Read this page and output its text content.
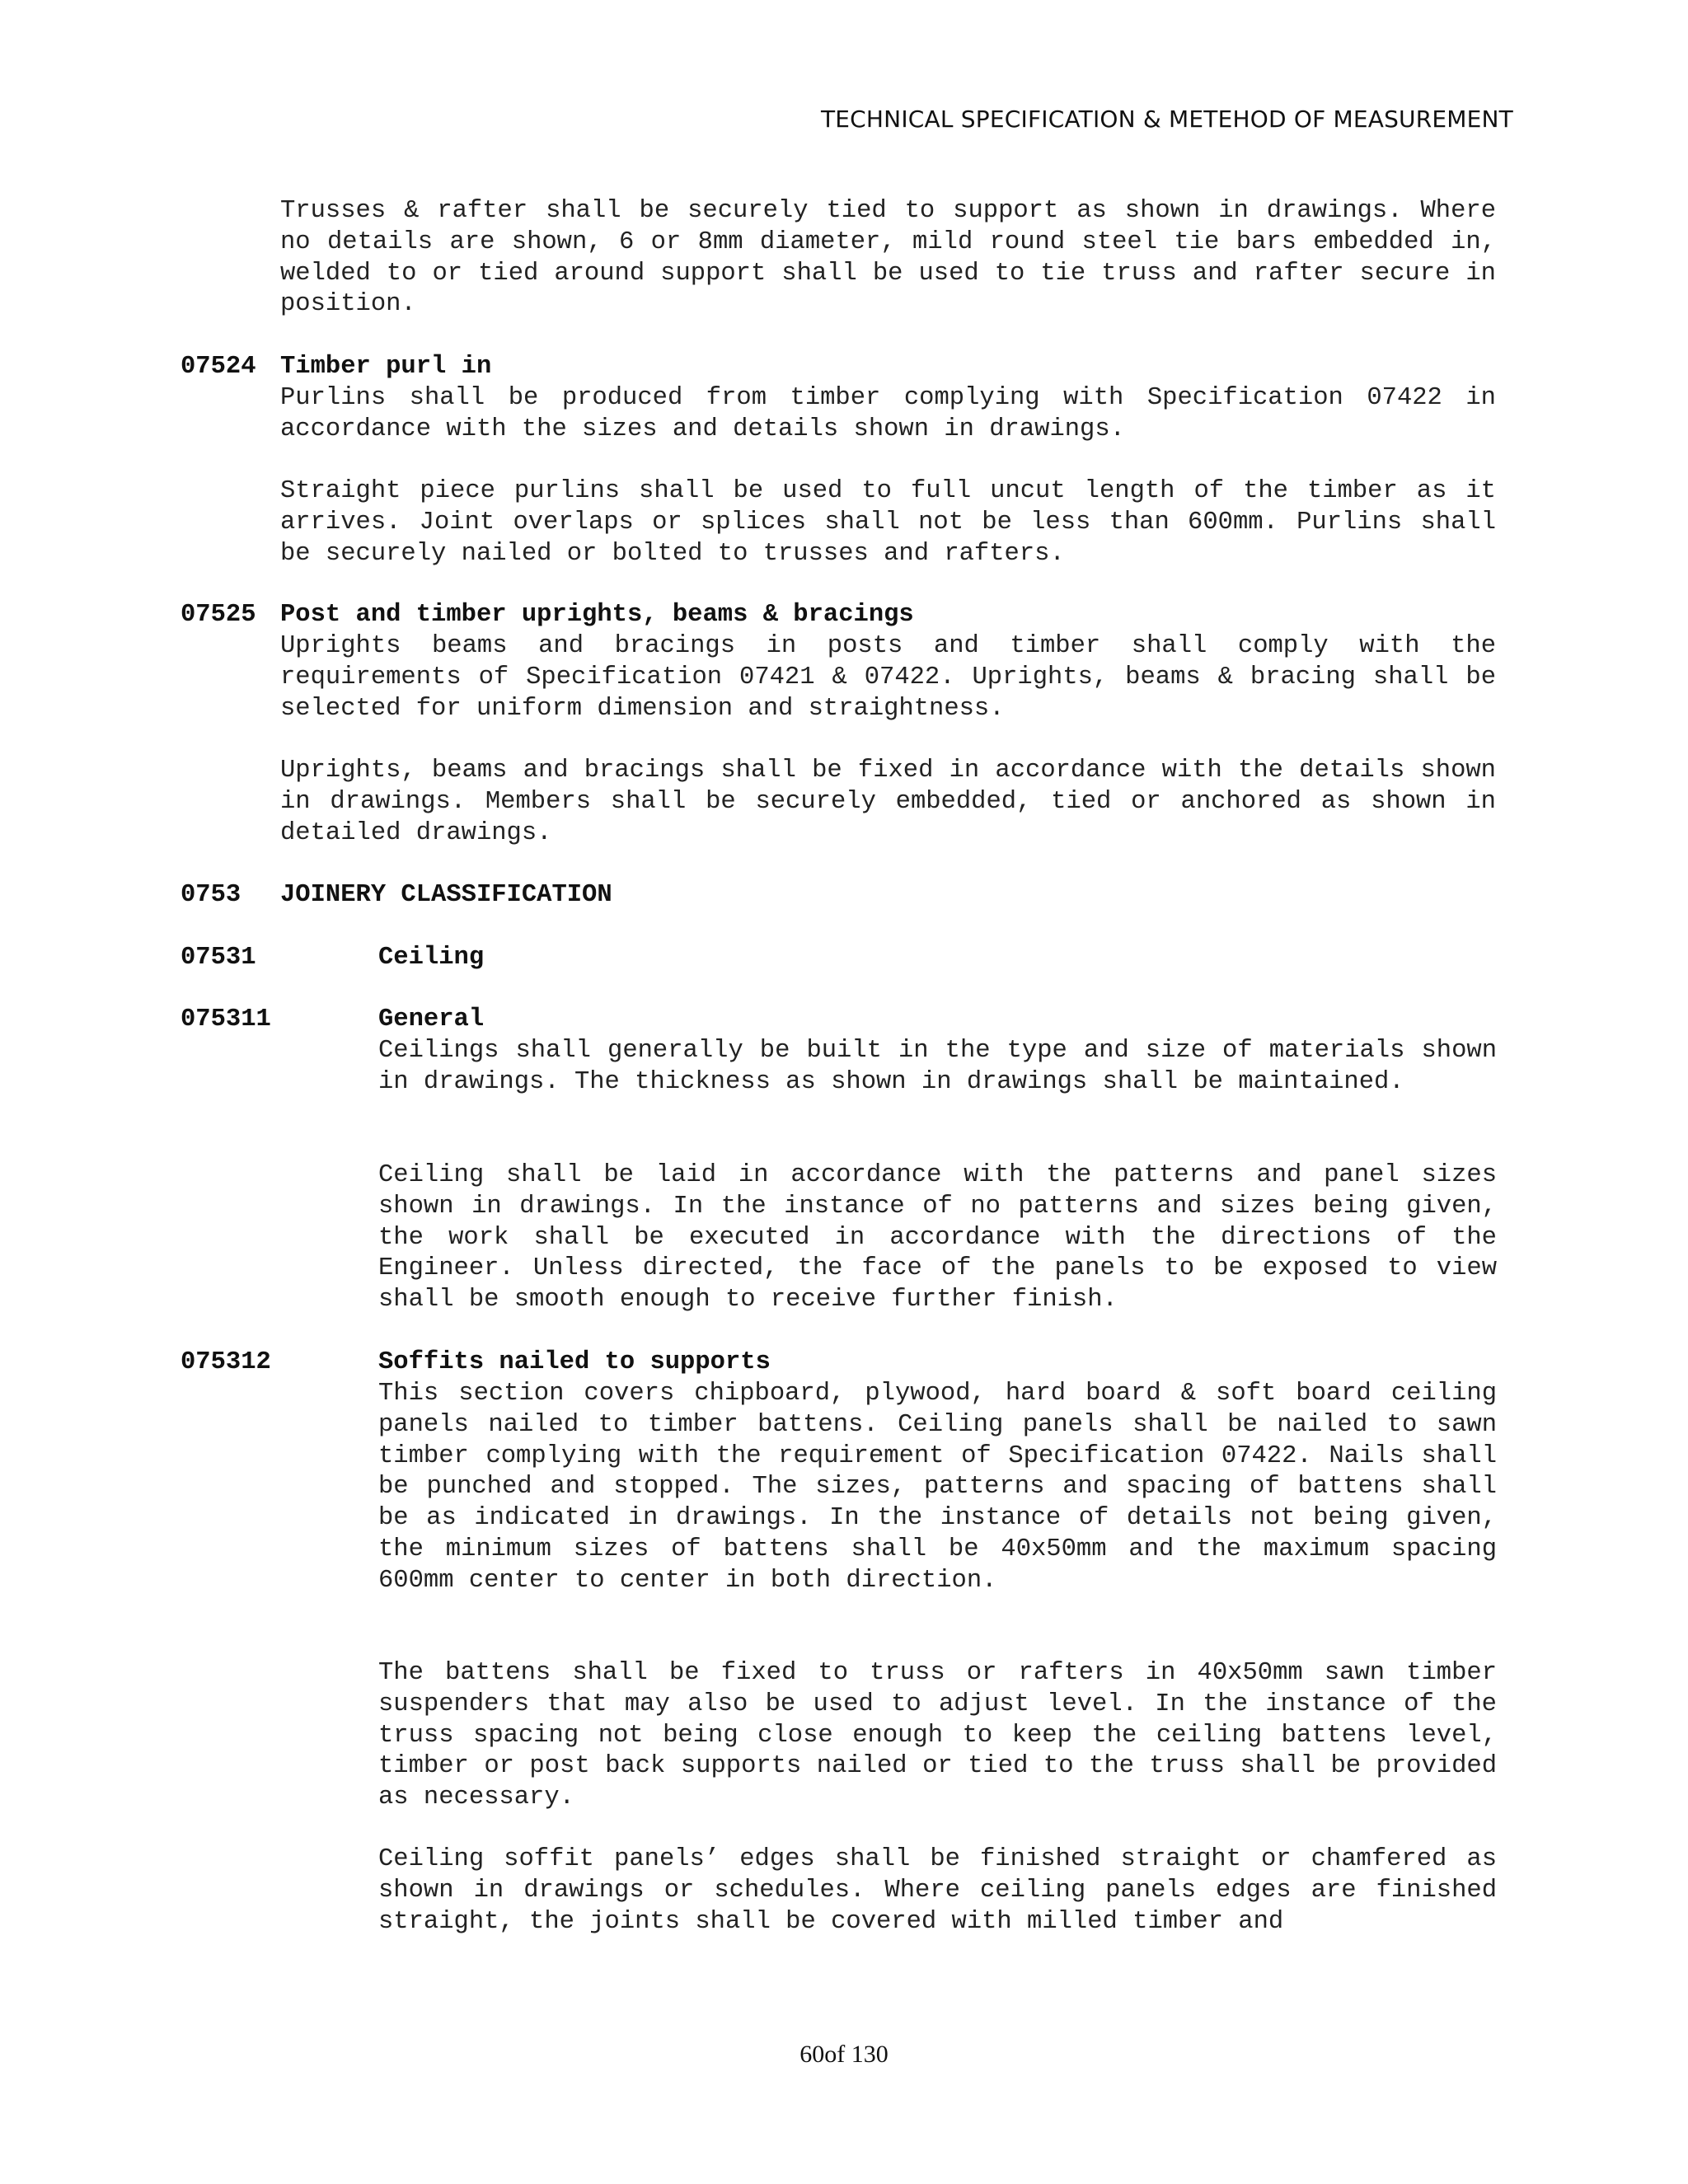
TECHNICAL SPECIFICATION & METEHOD OF MEASUREMENT

Trusses & rafter shall be securely tied to support as shown in drawings. Where no details are shown, 6 or 8mm diameter, mild round steel tie bars embedded in, welded to or tied around support shall be used to tie truss and rafter secure in position.

07524 Timber purl in

Purlins shall be produced from timber complying with Specification 07422 in accordance with the sizes and details shown in drawings.

Straight piece purlins shall be used to full uncut length of the timber as it arrives. Joint overlaps or splices shall not be less than 600mm. Purlins shall be securely nailed or bolted to trusses and rafters.

07525 Post and timber uprights, beams & bracings

Uprights beams and bracings in posts and timber shall comply with the requirements of Specification 07421 & 07422. Uprights, beams & bracing shall be selected for uniform dimension and straightness.

Uprights, beams and bracings shall be fixed in accordance with the details shown in drawings. Members shall be securely embedded, tied or anchored as shown in detailed drawings.

0753 JOINERY CLASSIFICATION
07531	Ceiling
075311	General

Ceilings shall generally be built in the type and size of materials shown in drawings. The thickness as shown in drawings shall be maintained.

Ceiling shall be laid in accordance with the patterns and panel sizes shown in drawings. In the instance of no patterns and sizes being given, the work shall be executed in accordance with the directions of the Engineer. Unless directed, the face of the panels to be exposed to view shall be smooth enough to receive further finish.

075312	Soffits nailed to supports

This section covers chipboard, plywood, hard board & soft board ceiling panels nailed to timber battens. Ceiling panels shall be nailed to sawn timber complying with the requirement of Specification 07422. Nails shall be punched and stopped. The sizes, patterns and spacing of battens shall be as indicated in drawings. In the instance of details not being given, the minimum sizes of battens shall be 40x50mm and the maximum spacing 600mm center to center in both direction.

The battens shall be fixed to truss or rafters in 40x50mm sawn timber suspenders that may also be used to adjust level. In the instance of the truss spacing not being close enough to keep the ceiling battens level, timber or post back supports nailed or tied to the truss shall be provided as necessary.

Ceiling soffit panels’ edges shall be finished straight or chamfered as shown in drawings or schedules. Where ceiling panels edges are finished straight, the joints shall be covered with milled timber and

60of 130
